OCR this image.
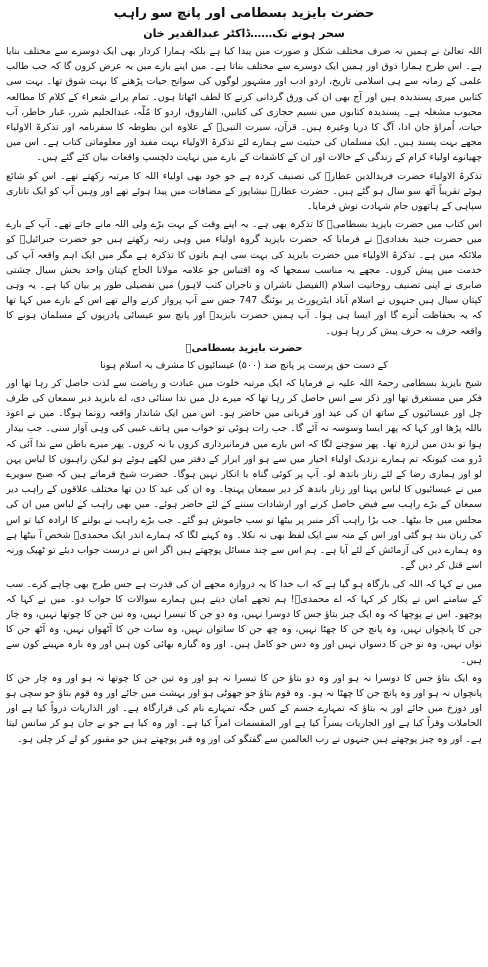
حضرت بایزید بسطامی اور پانچ سو راہب
سحر ہونے تک……ڈاکٹر عبدالقدیر خان

اللہ تعالیٰ نے ہمیں نہ صرف مختلف شکل و صورت میں پیدا کیا ہے بلکہ ہمارا کردار بھی ایک دوسرے سے مختلف بنایا ہے۔ اس طرح ہمارا ذوق اور ہمیں ایک دوسرے سے مختلف بناتا ہے۔ میں اپنے بارے میں یہ عرض کروں گا کہ جب طالب علمی کے زمانہ سے ہی اسلامی تاریخ، اردو ادب اور مشہور لوگوں کی سوانح حیات پڑھنے کا بہت شوق تھا۔ بہت سی کتابیں میری پسندیدہ ہیں اور آج بھی ان کی ورق گردانی کرنے کا لطف اٹھاتا ہوں۔ تمام پرانے شعراء کے کلام کا مطالعہ محبوب مشغلہ ہے۔ پسندیدہ کتابوں میں نسیم حجازی کی کتابیں، الفاروق، اردو کا مُلّہ، عبدالحلیم شرر، غبار خاطر، آب حیات، اُمراؤ جان ادا، آگ کا دریا وغیرہ ہیں۔ قرآن، سیرت النبیؐ کے علاوہ ابن بطوطہ کا سفرنامہ اور تذکرۃ الاولیاء مجھے بہت پسند ہیں۔ ایک مسلمان کی حیثیت سے ہمارے لئے تذکرۃ الاولیاء بہت مفید اور معلوماتی کتاب ہے۔ اس میں چھیانوے اولیاء کرام کے زندگی کے حالات اور ان کے کاشفات کے بارے میں نہایت دلچسپ واقعات بیان کئے گئے ہیں۔

تذکرۃ الاولیاء حضرت فریدالدین عطارؒ کی تصنیف کردہ ہے جو خود بھی اولیاء اللہ کا مرتبہ رکھتے تھے۔ اس کو شائع ہوئے تقریباً آٹھ سو سال ہو گئے ہیں۔ حضرت عطارؒ نیشاپور کے مضافات میں پیدا ہوئے تھے اور وہیں آپ کو ایک تاتاری سپاہی کے ہاتھوں جام شہادت نوش فرمایا۔

اس کتاب میں حضرت بایزید بسطامیؒ کا تذکرہ بھی ہے۔ یہ اپنے وقت کے بہت بڑے ولی اللہ مانے جاتے تھے۔ آپ کے بارے میں حضرت جنید بغدادیؒ نے فرمایا کہ حضرت بایزید گروہ اولیاء میں وہی رتبہ رکھتے ہیں جو حضرت جبرائیلؑ کو ملائکہ میں ہے۔ تذکرۃ الاولیاء میں حضرت بایزید کی بہت سی اہم باتوں کا تذکرہ ہے مگر میں ایک اہم واقعہ آپ کی خدمت میں پیش کروں۔ مجھے یہ مناسب سمجھا کہ وہ اقتباس جو علامہ مولانا الحاج کپتان واحد بخش سیال چشتی صابری نے اپنی تصنیف روحانیت اسلام (الفیصل ناشران و تاجران کتب لاہور) میں تفصیلی طور پر بیان کیا ہے۔ یہ وہی کپتان سیال ہیں جنہوں نے اسلام آباد ایئرپورٹ پر بوئنگ 747 جس سے آپ پرواز کرنے والے تھے اس کے بارے میں کہا تھا کہ یہ بحفاظت اُترے گا اور ایسا ہی ہوا۔ آپ ہمیں حضرت بایزیدؒ اور پانچ سو عیسائی پادریوں کے مسلمان ہونے کا واقعہ حرف بہ حرف پیش کر رہا ہوں۔

حضرت بایزید بسطامیؒ
کے دست حق پرست پر پانچ صد (۵۰۰) عیسائیوں کا مشرف بہ اسلام ہونا

شیخ بایزید بسطامی رحمۃ اللہ علیہ نے فرمایا کہ ایک مرتبہ خلوت میں عبادت و ریاضت سے لذت حاصل کر رہا تھا اور فکر میں مستغرق تھا اور ذکر سے انس حاصل کر رہا تھا کہ میرے دل میں ندا سنائی دی، اے بایزید دیر سمعان کی طرف چل اور عیسائیوں کے ساتھ ان کی عید اور قربانی میں حاضر ہو۔ اس میں ایک شاندار واقعہ رونما ہوگا۔ میں نے اعوذ باللہ پڑھا اور کہا کہ پھر ایسا وسوسہ نہ آئے گا۔ جب رات ہوئی تو خواب میں ہاتف غیبی کی وہی آواز سنی۔ جب بیدار ہوا تو بدن میں لرزہ تھا۔ پھر سوچنے لگا کہ اس بارے میں فرمانبرداری کروں یا نہ کروں۔ پھر میرے باطن سے ندا آئی کہ ڈرو مت کیونکہ تم ہمارے نزدیک اولیاء اخیار میں سے ہو اور ابرار کے دفتر میں لکھے ہوئے ہو لیکن راہبوں کا لباس پہن لو اور ہماری رضا کے لئے زنار باندھ لو۔ آپ پر کوئی گناہ یا انکار نہیں ہوگا۔ حضرت شیخ فرماتے ہیں کہ صبح سویرے میں نے عیسائیوں کا لباس پہنا اور زنار باندھ کر دیر سمعان پہنچا۔ وہ ان کی عید کا دن تھا مختلف علاقوں کے راہب دیر سمعان کے بڑے راہب سے فیض حاصل کرنے اور ارشادات سننے کے لئے حاضر ہوئے۔ میں بھی راہب کے لباس میں ان کی مجلس میں جا بیٹھا۔ جب بڑا راہب آکر منبر پر بیٹھا تو سب خاموش ہو گئے۔ جب بڑے راہب نے بولنے کا ارادہ کیا تو اس کی زبان بند ہو گئی اور اس کے منہ سے ایک لفظ بھی نہ نکلا۔ وہ کہنے لگا کہ ہمارے اندر ایک محمدیؐ شخص آ بیٹھا ہے وہ ہمارے دین کی آزمائش کے لئے آیا ہے۔ ہم اس سے چند مسائل پوچھتے ہیں اگر اس نے درست جواب دیئے تو ٹھیک ورنہ اسے قتل کر دیں گے۔

میں نے کہا کہ اللہ کی بارگاہ ہو گیا ہے کہ اب خدا کا یہ دروازہ مجھے ان کی قدرت ہے جس طرح بھی چاہے کرے۔ سب کے سامنے اس نے پکار کر کہا کہ اے محمدیؐ! ہم تجھے امان دیتے ہیں ہمارے سوالات کا جواب دو۔ میں نے کہا کہ پوچھو۔ اس نے پوچھا کہ وہ ایک چیز بتاؤ جس کا دوسرا نہیں، وہ دو جن کا تیسرا نہیں، وہ تین جن کا چوتھا نہیں، وہ چار جن کا پانچواں نہیں، وہ پانچ جن کا چھٹا نہیں، وہ چھ جن کا ساتواں نہیں، وہ سات جن کا آٹھواں نہیں، وہ آٹھ جن کا نواں نہیں، وہ نو جن کا دسواں نہیں اور وہ دس جو کامل ہیں۔ اور وہ گیارہ بھائی کون ہیں اور وہ بارہ مہینے کون سے ہیں۔

وہ ایک بتاؤ جس کا دوسرا نہ ہو اور وہ دو بتاؤ جن کا تیسرا نہ ہو اور وہ تین جن کا چوتھا نہ ہو اور وہ چار جن کا پانچواں نہ ہو اور وہ پانچ جن کا چھٹا نہ ہو۔ وہ قوم بتاؤ جو جھوٹی ہو اور بہشت میں جائے اور وہ قوم بتاؤ جو سچی ہو اور دوزخ میں جائے اور یہ بتاؤ کہ تمہارے جسم کے کس جگہ تمہارے نام کی قرارگاہ ہے۔ اور الذاریات ذرواً کیا ہے اور الحاملات وقراً کیا ہے اور الجاریات یسراً کیا ہے اور المقسمات امراً کیا ہے۔ اور وہ کیا ہے جو بے جان ہو کر سانس لیتا ہے۔ اور وہ چیز پوچھتے ہیں جنہوں نے رب العالمین سے گفتگو کی اور وہ قبر پوچھتے ہیں جو مقبور کو لے کر چلی ہو۔
